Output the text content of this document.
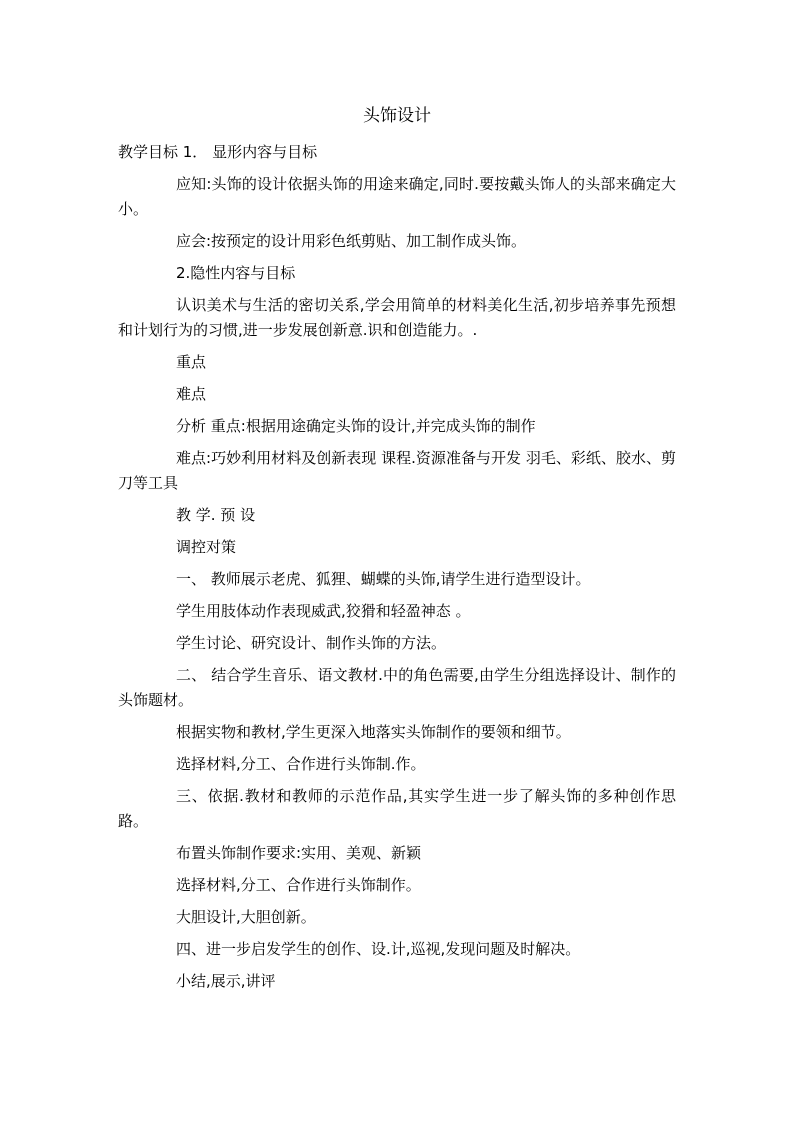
头饰设计

教学目标 1． 显形内容与目标

应知:头饰的设计依据头饰的用途来确定,同时.要按戴头饰人的头部来确定大小。

应会:按预定的设计用彩色纸剪贴、加工制作成头饰。

2.隐性内容与目标

认识美术与生活的密切关系,学会用简单的材料美化生活,初步培养事先预想和计划行为的习惯,进一步发展创新意.识和创造能力。.

重点

难点

分析 重点:根据用途确定头饰的设计,并完成头饰的制作

难点:巧妙利用材料及创新表现 课程.资源准备与开发 羽毛、彩纸、胶水、剪刀等工具

教 学. 预 设

调控对策

一、 教师展示老虎、狐狸、蝴蝶的头饰,请学生进行造型设计。

学生用肢体动作表现威武,狡猾和轻盈神态 。

学生讨论、研究设计、制作头饰的方法。

二、 结合学生音乐、语文教材.中的角色需要,由学生分组选择设计、制作的头饰题材。

根据实物和教材,学生更深入地落实头饰制作的要领和细节。

选择材料,分工、合作进行头饰制.作。

三、依据.教材和教师的示范作品,其实学生进一步了解头饰的多种创作思路。

布置头饰制作要求:实用、美观、新颖

选择材料,分工、合作进行头饰制作。

大胆设计,大胆创新。

四、进一步启发学生的创作、设.计,巡视,发现问题及时解决。

小结,展示,讲评
